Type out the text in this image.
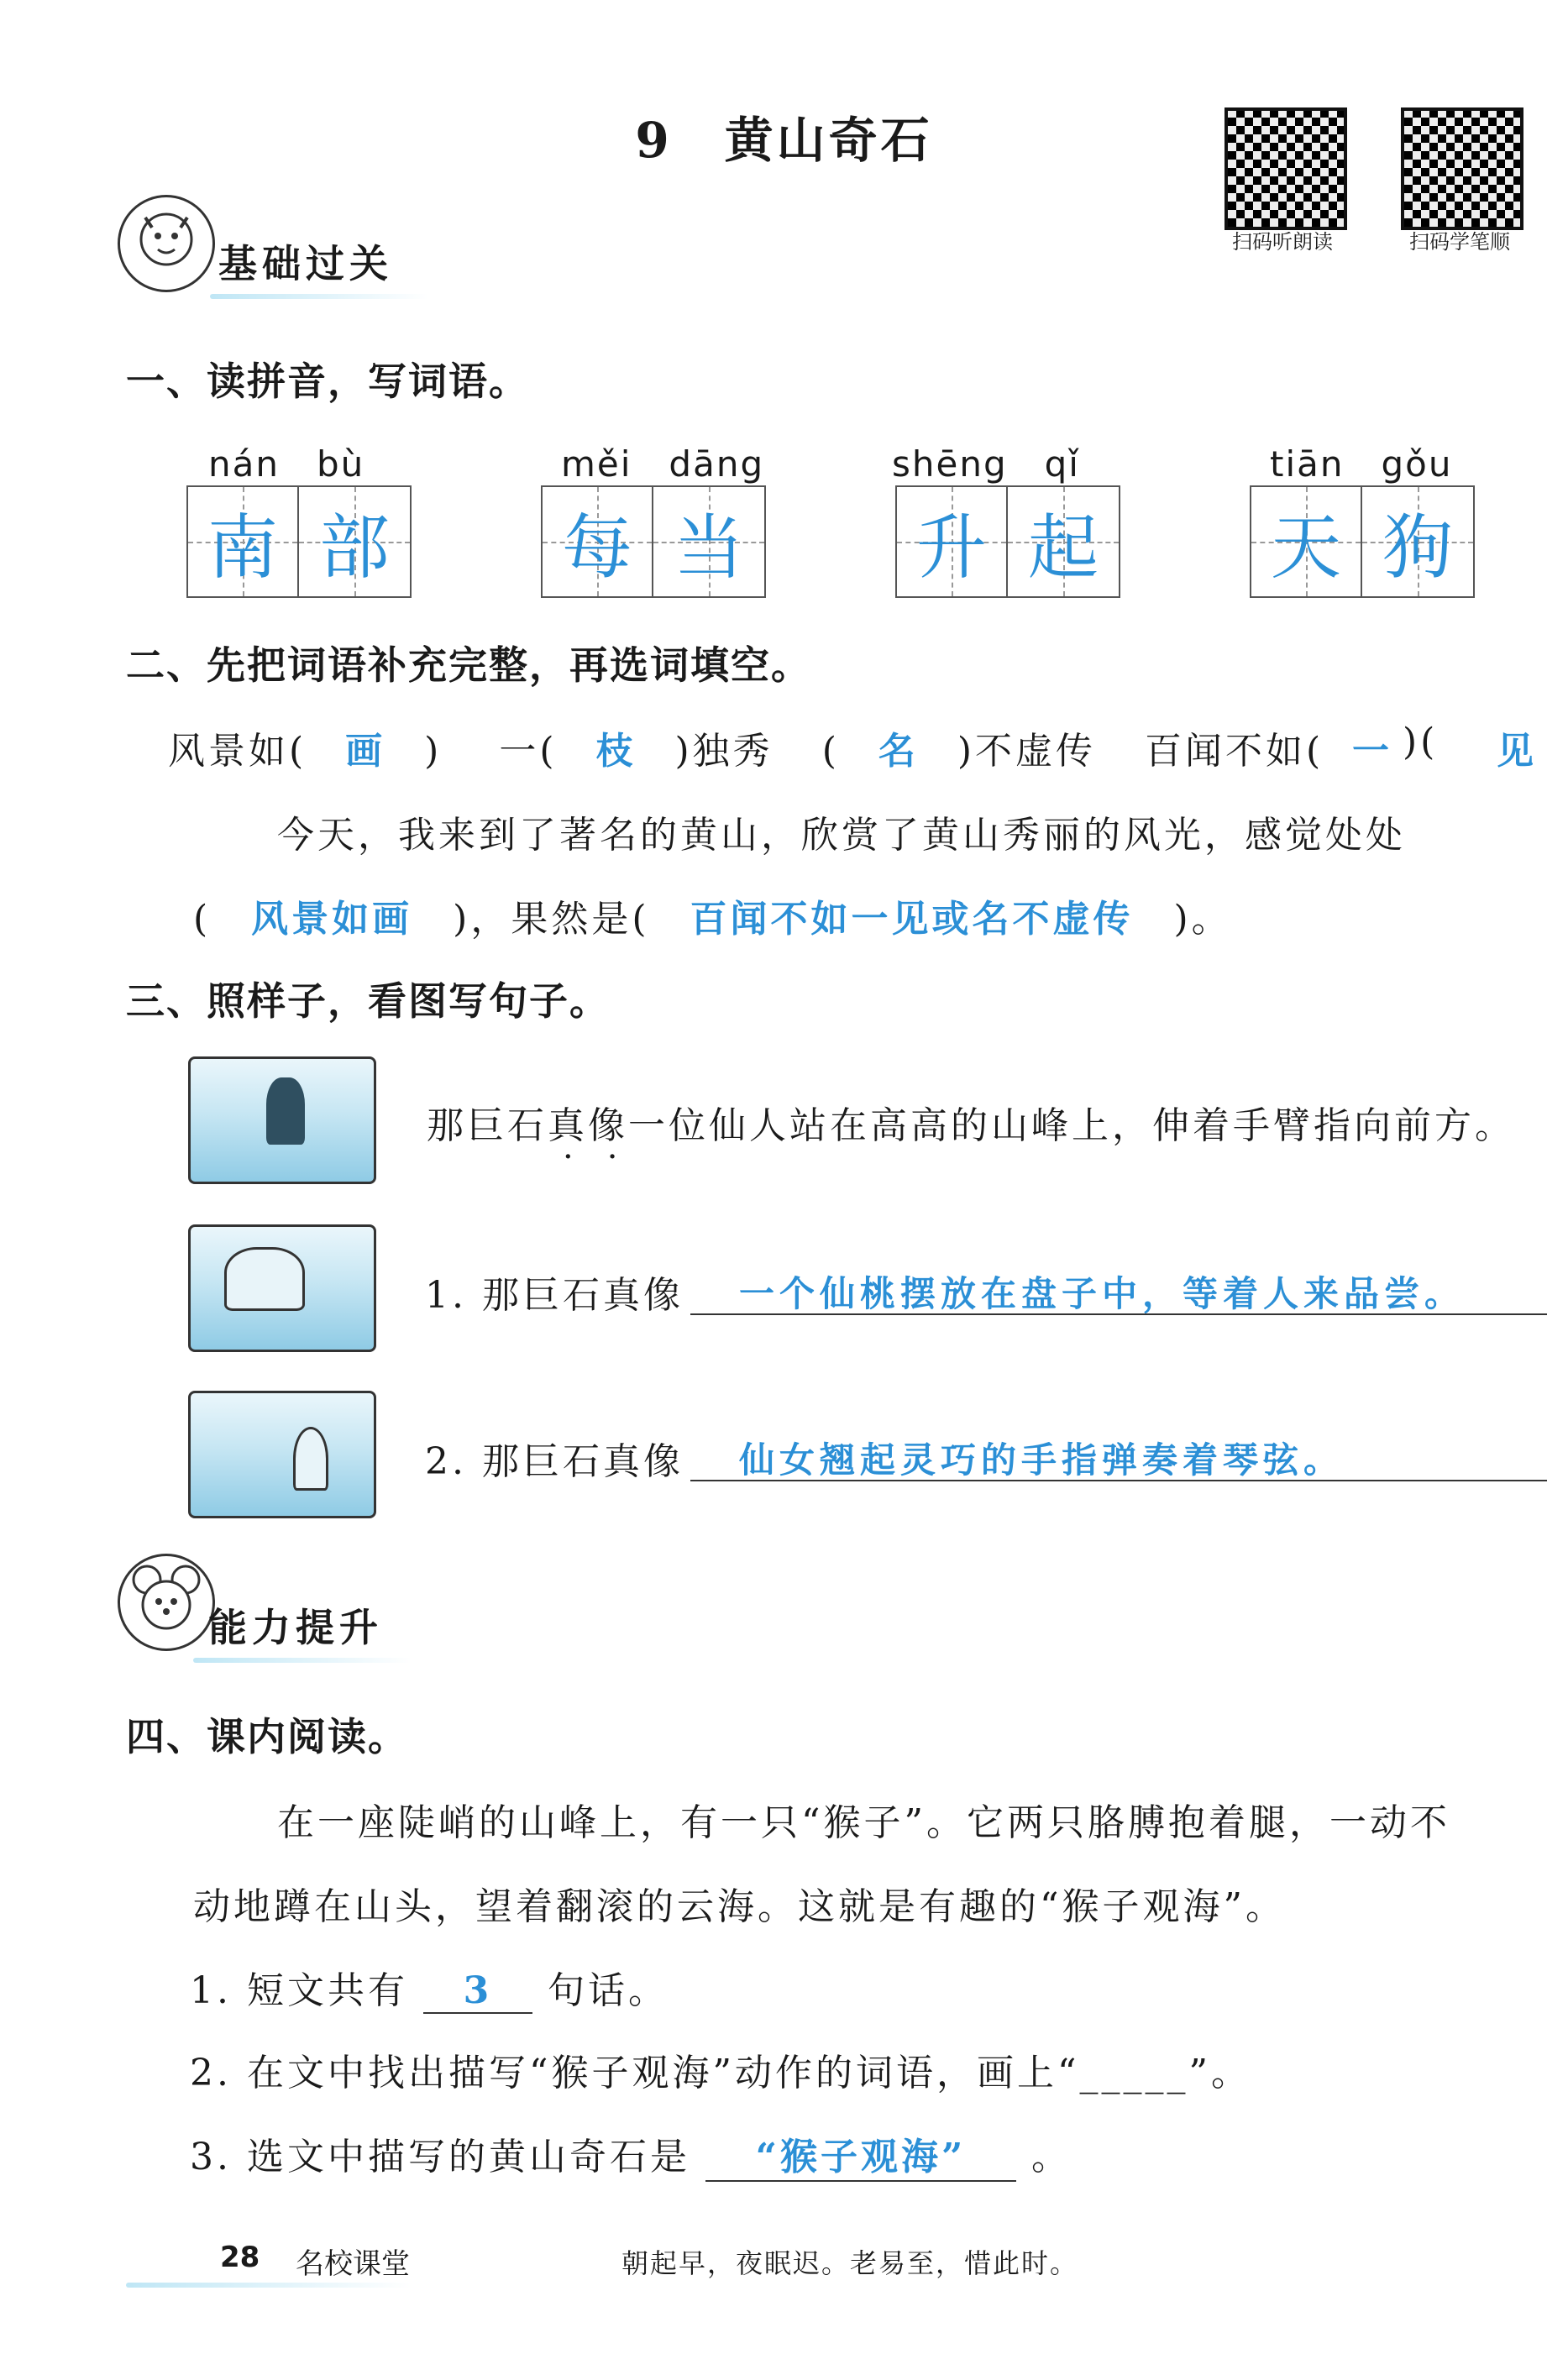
9　黄山奇石
扫码听朗读	扫码学笔顺
基础过关
一、读拼音，写词语。
nán　bù
南 部
měi　dāng
每 当
shēng　qǐ
升 起
tiān　gǒu
天 狗
二、先把词语补充完整，再选词填空。
风景如( 画 ) 一( 枝 )独秀 ( 名 )不虚传 百闻不如( 一 )( 见
今天，我来到了著名的黄山，欣赏了黄山秀丽的风光，感觉处处
( 风景如画 )，果然是( 百闻不如一见或名不虚传 )。
三、照样子，看图写句子。
那巨石真像一位仙人站在高高的山峰上，伸着手臂指向前方。
·　·
1. 那巨石真像 一个仙桃摆放在盘子中，等着人来品尝。
2. 那巨石真像 仙女翘起灵巧的手指弹奏着琴弦。
能力提升
四、课内阅读。
在一座陡峭的山峰上，有一只“猴子”。它两只胳膊抱着腿，一动不
动地蹲在山头，望着翻滚的云海。这就是有趣的“猴子观海”。
1. 短文共有 3 句话。
2. 在文中找出描写“猴子观海”动作的词语，画上“_____”。
3. 选文中描写的黄山奇石是 “猴子观海” 。
28 名校课堂	朝起早，夜眠迟。老易至，惜此时。
